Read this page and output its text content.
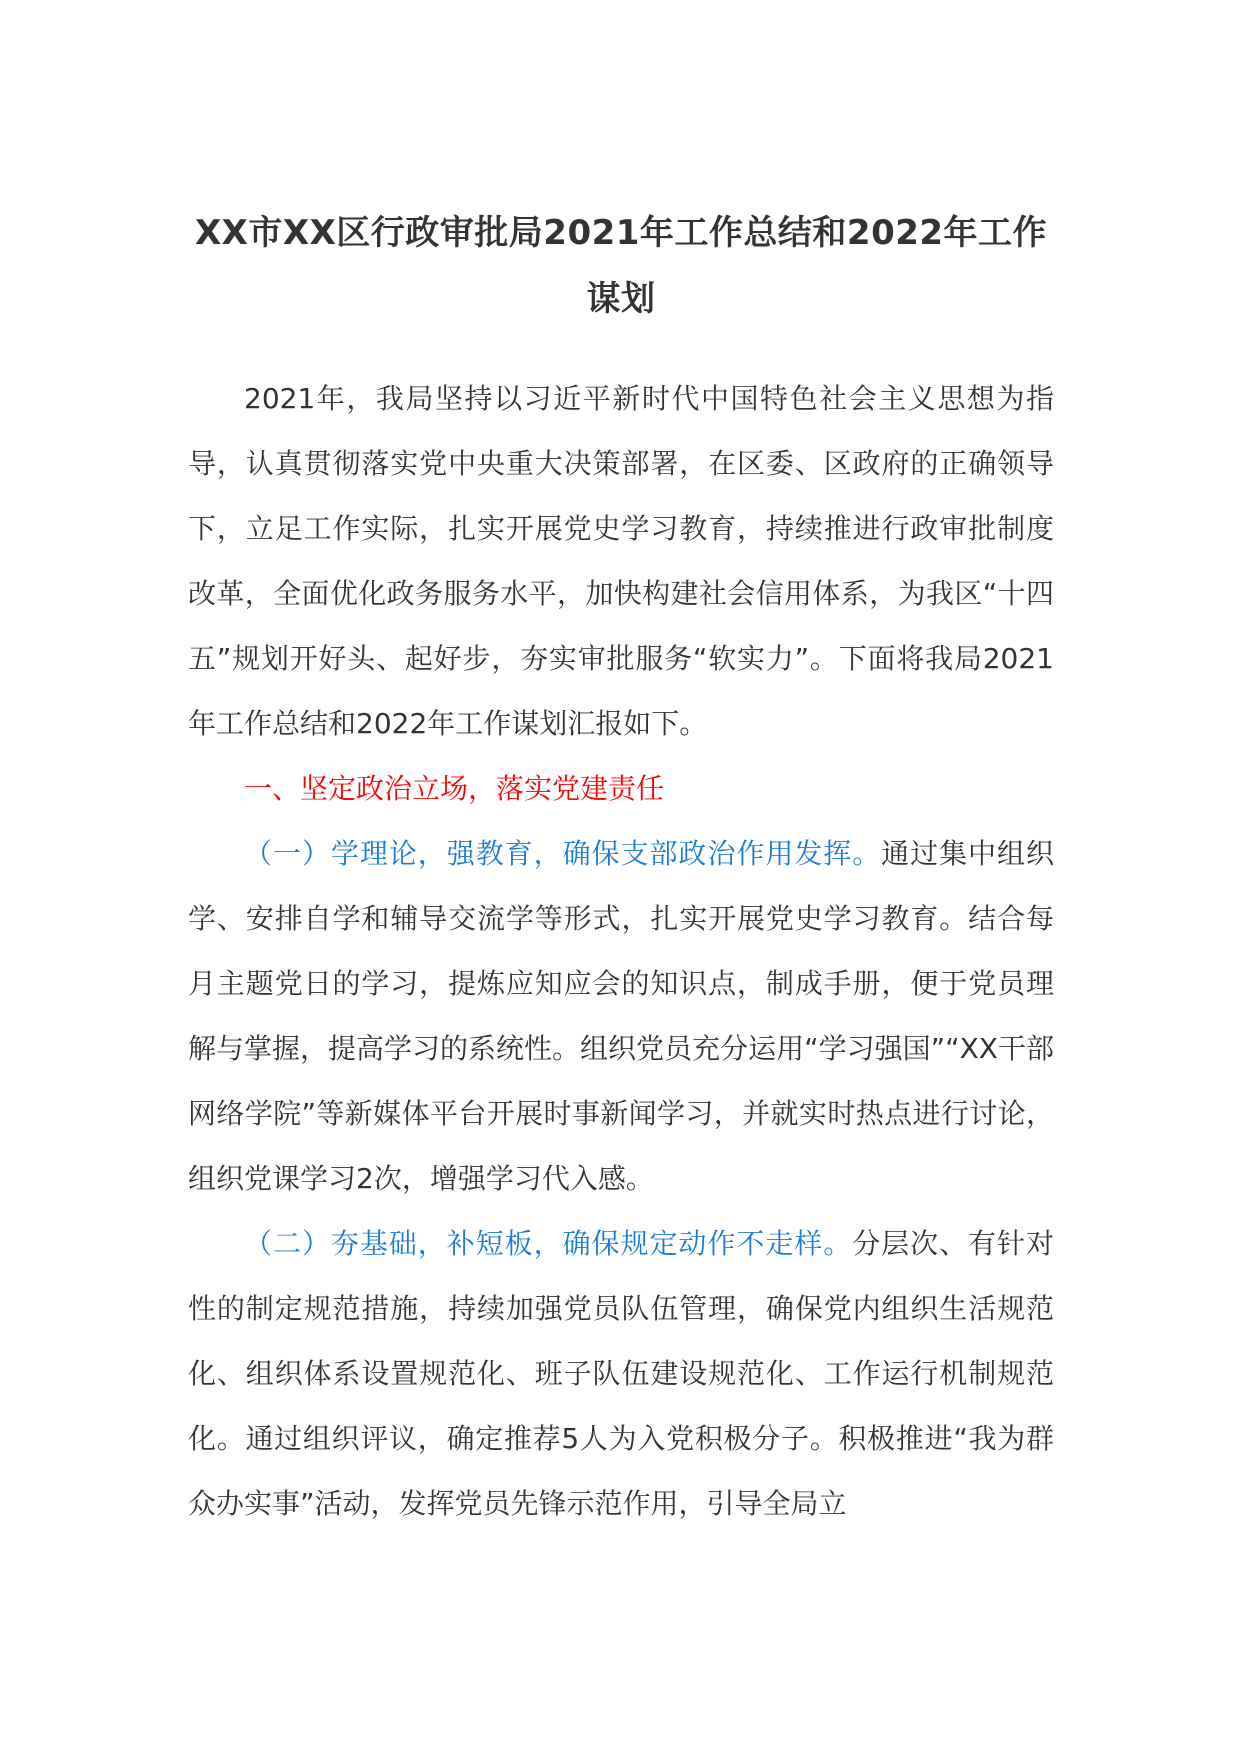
XX市XX区行政审批局2021年工作总结和2022年工作谋划

2021年，我局坚持以习近平新时代中国特色社会主义思想为指导，认真贯彻落实党中央重大决策部署，在区委、区政府的正确领导下，立足工作实际，扎实开展党史学习教育，持续推进行政审批制度改革，全面优化政务服务水平，加快构建社会信用体系，为我区“十四五”规划开好头、起好步，夯实审批服务“软实力”。下面将我局2021年工作总结和2022年工作谋划汇报如下。

一、坚定政治立场，落实党建责任

（一）学理论，强教育，确保支部政治作用发挥。通过集中组织学、安排自学和辅导交流学等形式，扎实开展党史学习教育。结合每月主题党日的学习，提炼应知应会的知识点，制成手册，便于党员理解与掌握，提高学习的系统性。组织党员充分运用“学习强国”“XX干部网络学院”等新媒体平台开展时事新闻学习，并就实时热点进行讨论，组织党课学习2次，增强学习代入感。

（二）夯基础，补短板，确保规定动作不走样。分层次、有针对性的制定规范措施，持续加强党员队伍管理，确保党内组织生活规范化、组织体系设置规范化、班子队伍建设规范化、工作运行机制规范化。通过组织评议，确定推荐5人为入党积极分子。积极推进“我为群众办实事”活动，发挥党员先锋示范作用，引导全局立
